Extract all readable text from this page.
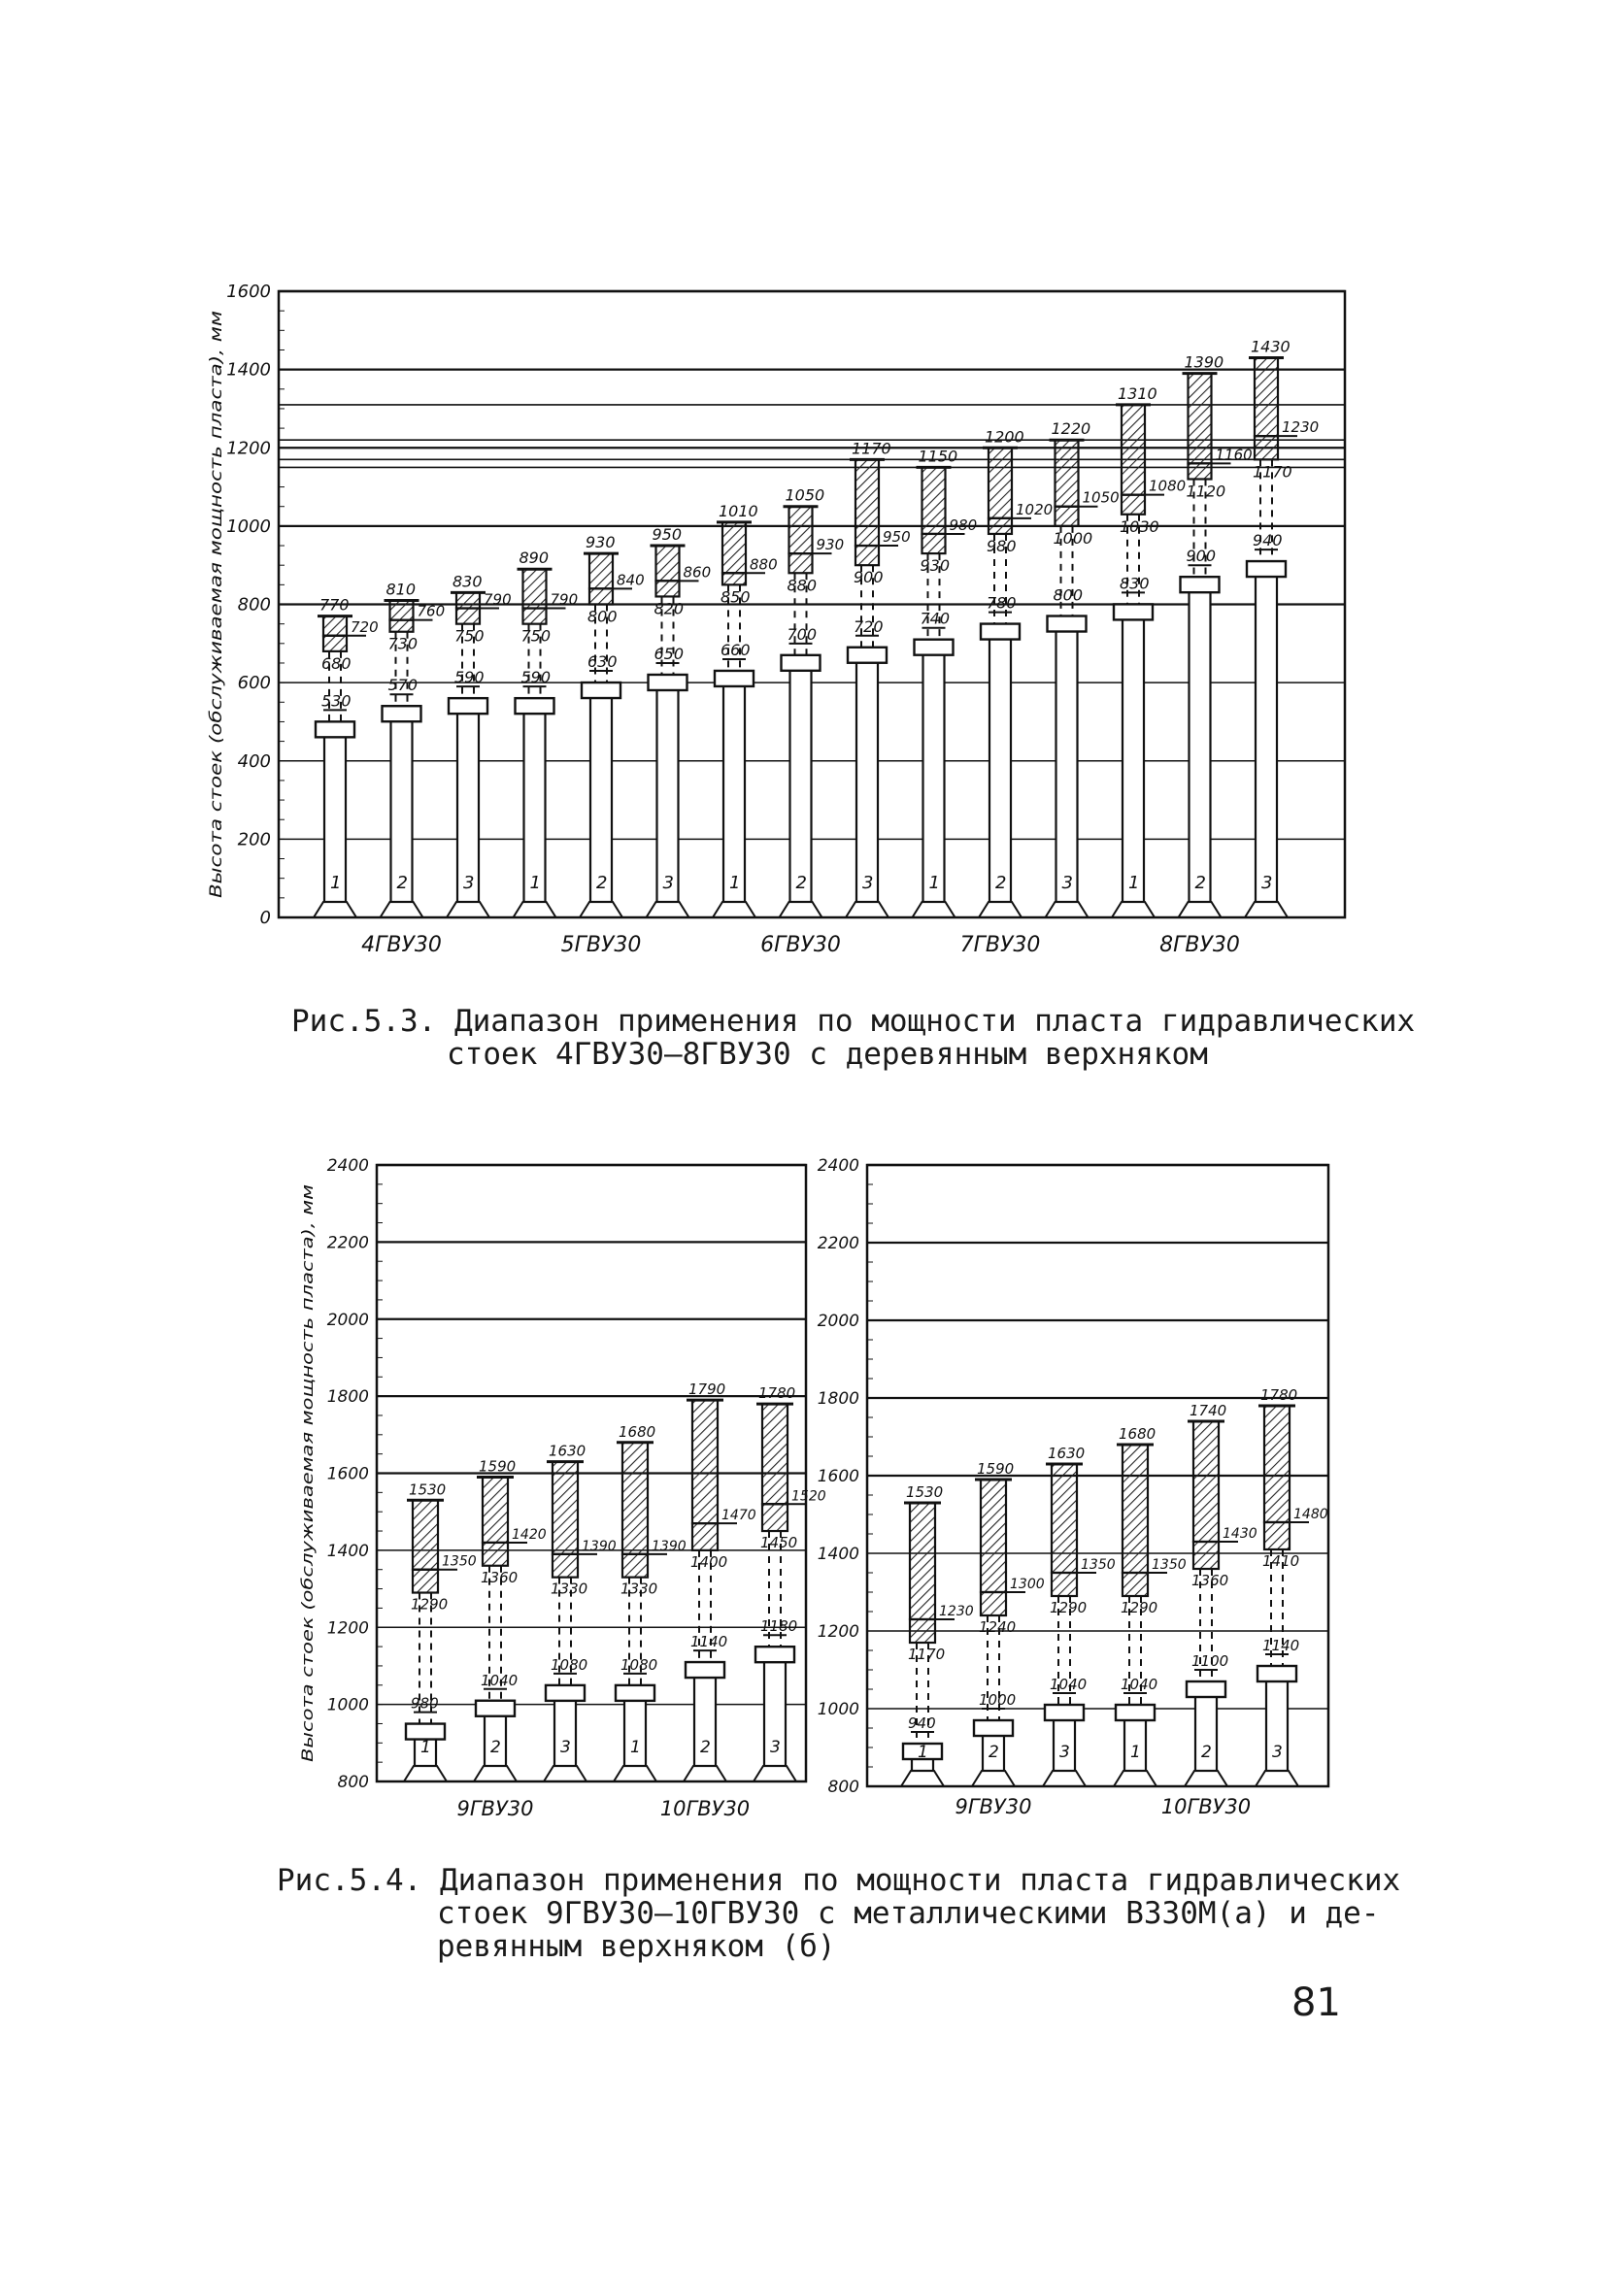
0
200
400
600
800
1000
1200
1400
1600
Высота стоек (обслуживаемая мощность пласта), мм	770
720
680
530
1
810
760
730
570
2
830
790
750
590
3
890
790
750
590
1
930
840
800
630
2
950
860
820
650
3
1010
880
850
660
1
1050
930
880
700
2
1170
950
900
720
3
1150
980
930
740
1
1200
1020
980
780
2
1220
1050
1000
800
3
1310
1080
1030
830
1
1390
1160
1120
900
2
1430
1230
1170
940
3
4ГВУ30	5ГВУ30	6ГВУ30	7ГВУ30	8ГВУ30
800
1000
1200
1400
1600
1800
2000
2200
2400
Высота стоек (обслуживаемая мощность пласта), мм	1530
1350
1290
980
1
1590
1420
1360
1040
2
1630
1390
1330
1080
3
1680
1390
1330
1080
1
1790
1470
1400
1140
2
1780
1520
1450
1180
3
9ГВУ30	10ГВУ30
800
1000
1200
1400
1600
1800
2000
2200
2400
1530
1230
1170
940
1
1590
1300
1240
1000
2
1630
1350
1290
1040
3
1680
1350
1290
1040
1
1740
1430
1360
1100
2
1780
1480
1410
1140
3
9ГВУ30	10ГВУ30
Рис.5.3. Диапазон применения по мощности пласта гидравлических
стоек 4ГВУ30–8ГВУ30 с деревянным верхняком
Рис.5.4. Диапазон применения по мощности пласта гидравлических
стоек 9ГВУ30–10ГВУ30 с металлическими ВЗ30М(а) и де-
ревянным верхняком (б)
81
